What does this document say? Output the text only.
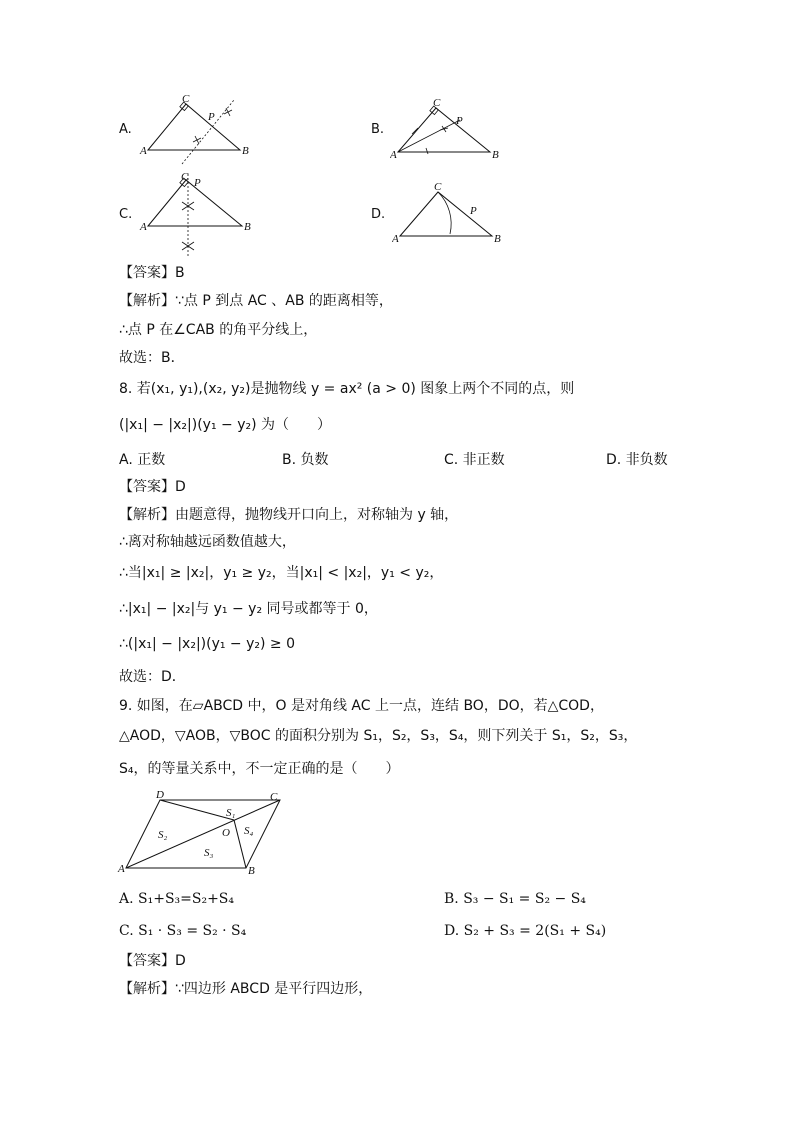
A.
A
C
B
P
B.
A
C
B
P
C.
A
C
B
P
D.
A
C
B
P
【答案】B
【解析】∵点 P 到点 AC 、AB 的距离相等，
∴点 P 在∠CAB 的角平分线上，
故选：B．
8. 若(x₁, y₁),(x₂, y₂)是抛物线 y = ax² (a > 0) 图象上两个不同的点，则
(|x₁| − |x₂|)(y₁ − y₂) 为（　　）
A. 正数	B. 负数	C. 非正数	D. 非负数
【答案】D
【解析】由题意得，抛物线开口向上，对称轴为 y 轴，
∴离对称轴越远函数值越大，
∴当|x₁| ≥ |x₂|，y₁ ≥ y₂，当|x₁| < |x₂|，y₁ < y₂，
∴|x₁| − |x₂|与 y₁ − y₂ 同号或都等于 0，
∴(|x₁| − |x₂|)(y₁ − y₂) ≥ 0
故选：D．
9. 如图，在▱ABCD 中，O 是对角线 AC 上一点，连结 BO，DO，若△COD，
△AOD，▽AOB，▽BOC 的面积分别为 S₁，S₂，S₃，S₄，则下列关于 S₁，S₂，S₃，
S₄，的等量关系中，不一定正确的是（　　）
D	C
A	B
O
S₁
S₂
S₃
S₄
A. S₁+S₃=S₂+S₄	B. S₃ − S₁ = S₂ − S₄
C. S₁ · S₃ = S₂ · S₄	D. S₂ + S₃ = 2(S₁ + S₄)
【答案】D
【解析】∵四边形 ABCD 是平行四边形，
